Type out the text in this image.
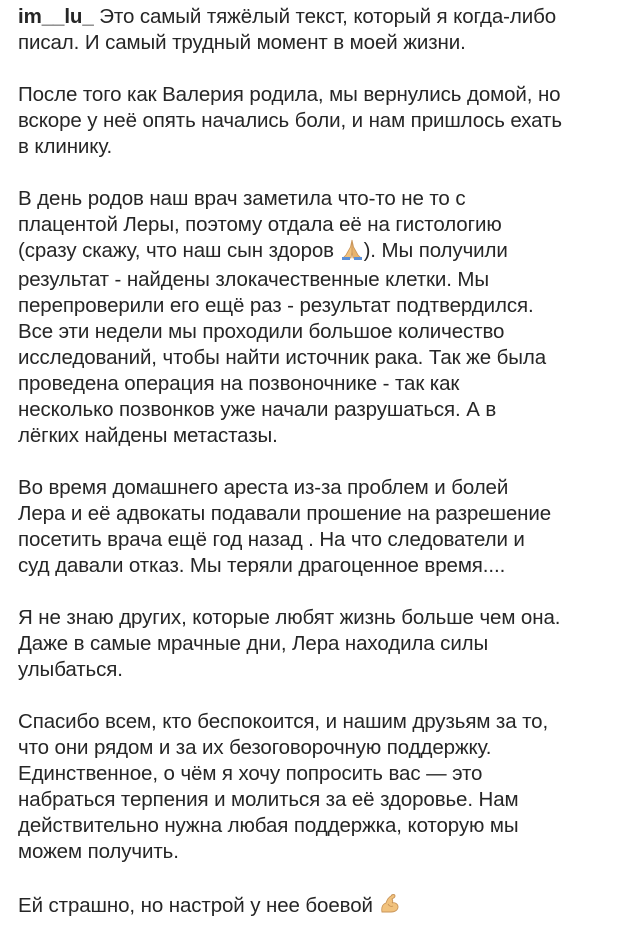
im__lu_ Это самый тяжёлый текст, который я когда-либо
писал. И самый трудный момент в моей жизни.
После того как Валерия родила, мы вернулись домой, но
вскоре у неё опять начались боли, и нам пришлось ехать
в клинику.
В день родов наш врач заметила что-то не то с
плацентой Леры, поэтому отдала её на гистологию
(сразу скажу, что наш сын здоров ). Мы получили
результат - найдены злокачественные клетки. Мы
перепроверили его ещё раз - результат подтвердился.
Все эти недели мы проходили большое количество
исследований, чтобы найти источник рака. Так же была
проведена операция на позвоночнике - так как
несколько позвонков уже начали разрушаться. А в
лёгких найдены метастазы.
Во время домашнего ареста из-за проблем и болей
Лера и её адвокаты подавали прошение на разрешение
посетить врача ещё год назад . На что следователи и
суд давали отказ. Мы теряли драгоценное время....
Я не знаю других, которые любят жизнь больше чем она.
Даже в самые мрачные дни, Лера находила силы
улыбаться.
Спасибо всем, кто беспокоится, и нашим друзьям за то,
что они рядом и за их безоговорочную поддержку.
Единственное, о чём я хочу попросить вас — это
набраться терпения и молиться за её здоровье. Нам
действительно нужна любая поддержка, которую мы
можем получить.
Ей страшно, но настрой у нее боевой
